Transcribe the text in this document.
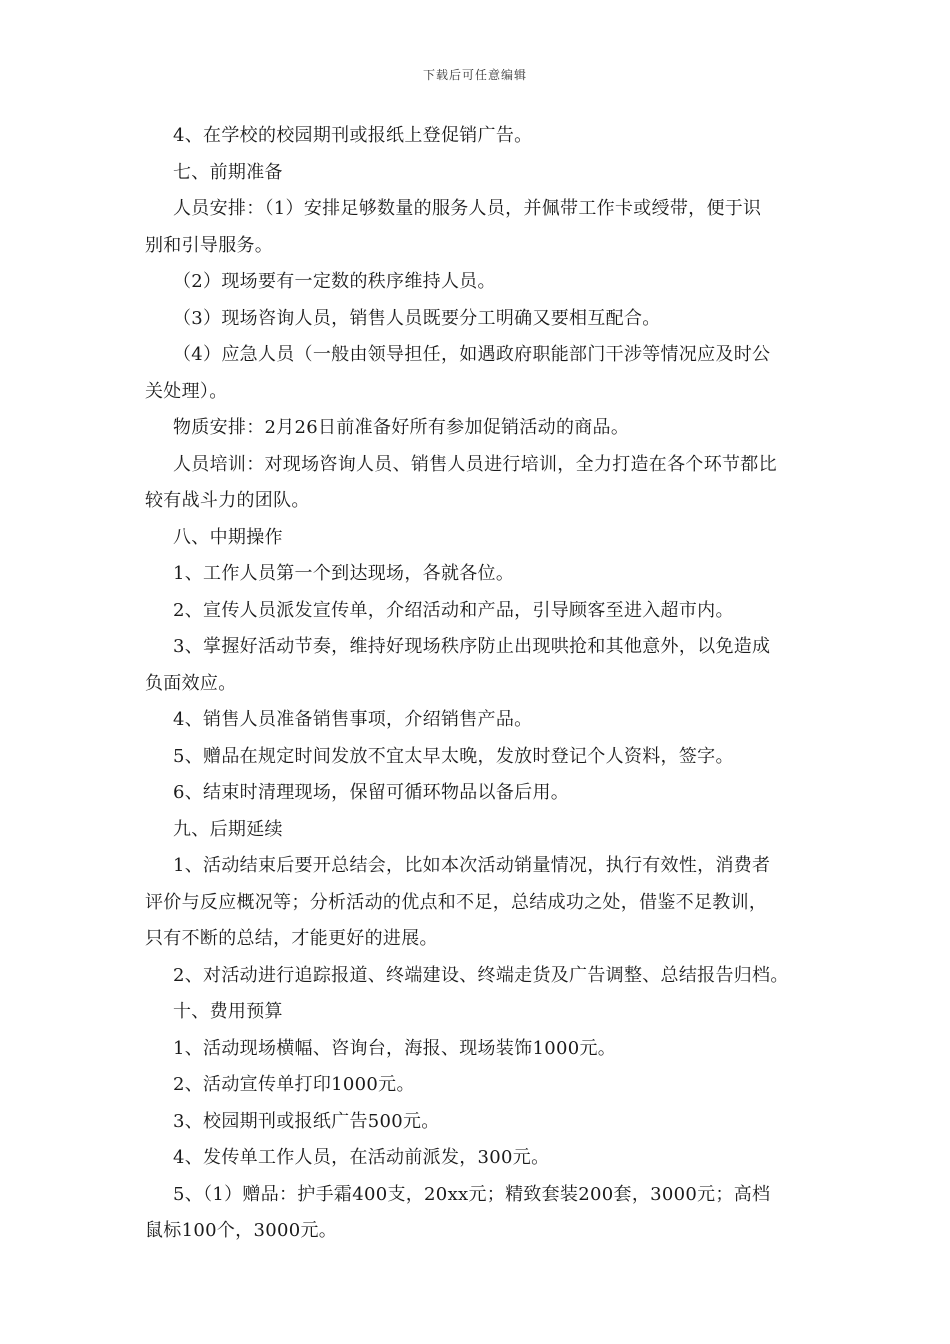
下载后可任意编辑
4、在学校的校园期刊或报纸上登促销广告。
七、前期准备
人员安排：（1）安排足够数量的服务人员，并佩带工作卡或绶带，便于识
别和引导服务。
（2）现场要有一定数的秩序维持人员。
（3）现场咨询人员，销售人员既要分工明确又要相互配合。
（4）应急人员（一般由领导担任，如遇政府职能部门干涉等情况应及时公
关处理）。
物质安排：2月26日前准备好所有参加促销活动的商品。
人员培训：对现场咨询人员、销售人员进行培训，全力打造在各个环节都比
较有战斗力的团队。
八、中期操作
1、工作人员第一个到达现场，各就各位。
2、宣传人员派发宣传单，介绍活动和产品，引导顾客至进入超市内。
3、掌握好活动节奏，维持好现场秩序防止出现哄抢和其他意外，以免造成
负面效应。
4、销售人员准备销售事项，介绍销售产品。
5、赠品在规定时间发放不宜太早太晚，发放时登记个人资料，签字。
6、结束时清理现场，保留可循环物品以备后用。
九、后期延续
1、活动结束后要开总结会，比如本次活动销量情况，执行有效性，消费者
评价与反应概况等；分析活动的优点和不足，总结成功之处，借鉴不足教训，
只有不断的总结，才能更好的进展。
2、对活动进行追踪报道、终端建设、终端走货及广告调整、总结报告归档。
十、费用预算
1、活动现场横幅、咨询台，海报、现场装饰1000元。
2、活动宣传单打印1000元。
3、校园期刊或报纸广告500元。
4、发传单工作人员，在活动前派发，300元。
5、（1）赠品：护手霜400支，20xx元；精致套装200套，3000元；高档
鼠标100个，3000元。
